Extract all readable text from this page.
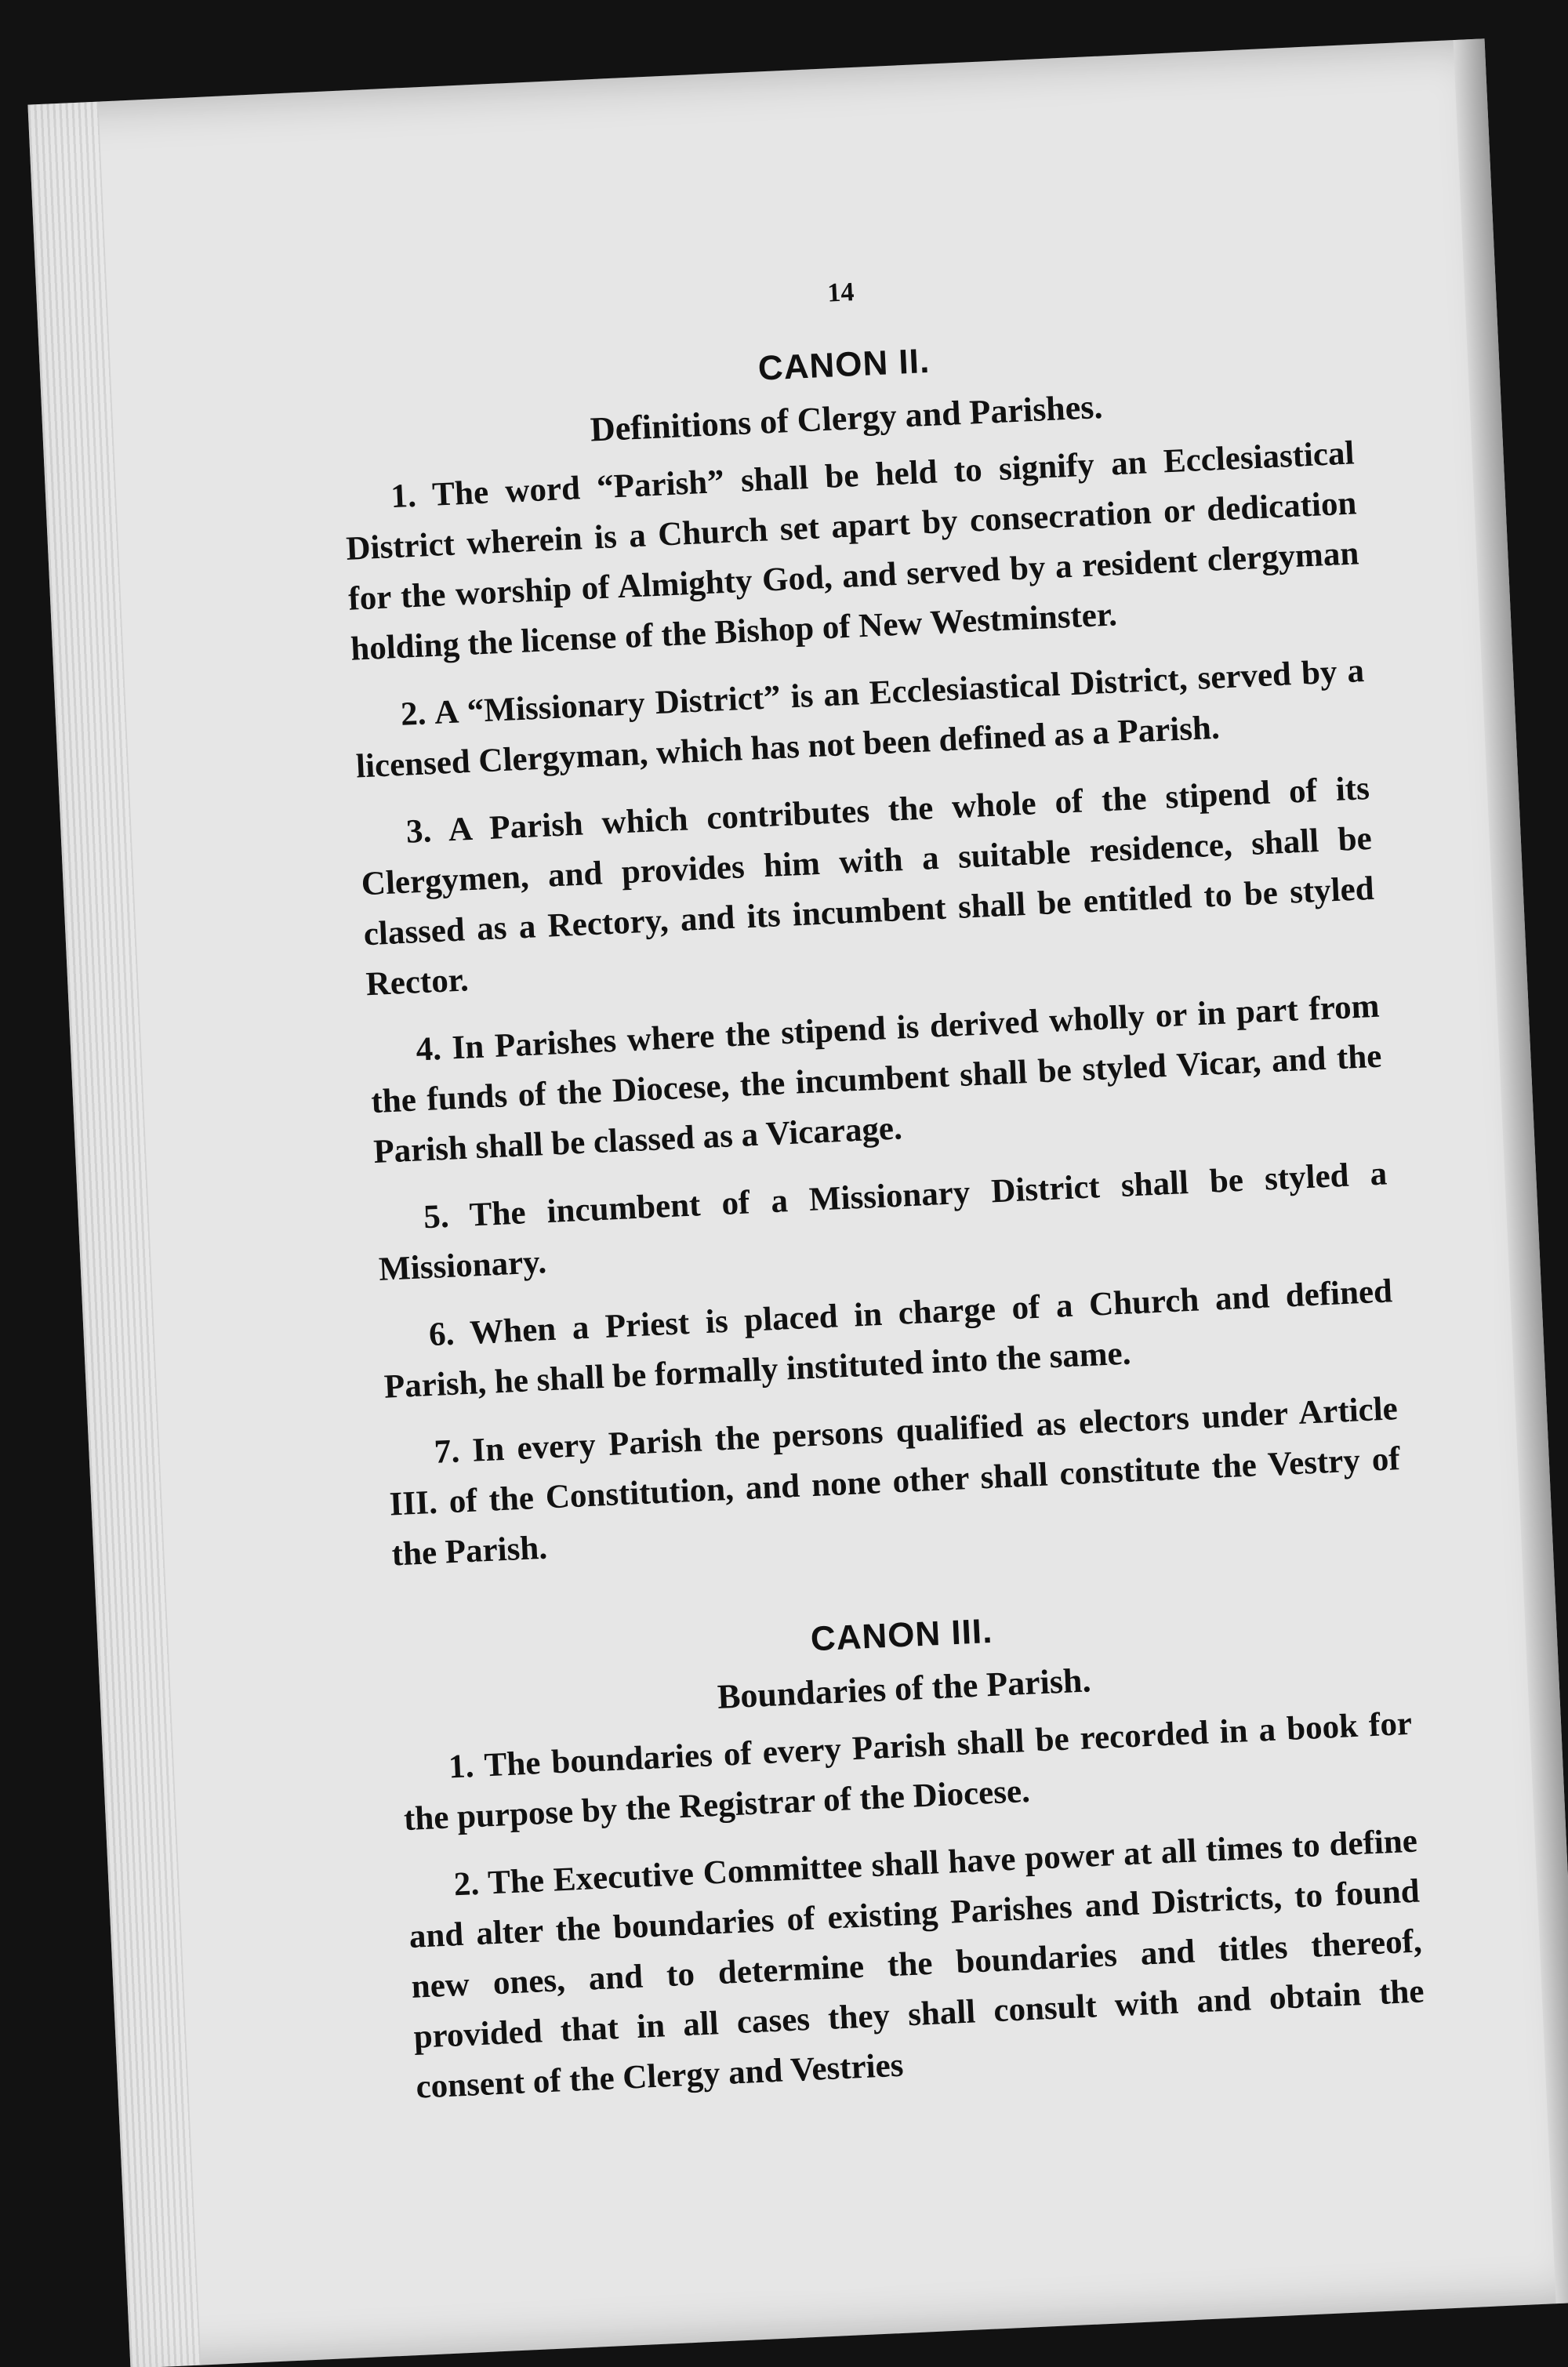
14
CANON II.
Definitions of Clergy and Parishes.

1. The word “Parish” shall be held to signify an Ecclesiastical District wherein is a Church set apart by consecration or dedication for the worship of Almighty God, and served by a resident clergyman holding the license of the Bishop of New Westminster.

2. A “Missionary District” is an Ecclesiastical District, served by a licensed Clergyman, which has not been defined as a Parish.

3. A Parish which contributes the whole of the stipend of its Clergymen, and provides him with a suitable residence, shall be classed as a Rectory, and its incumbent shall be entitled to be styled Rector.

4. In Parishes where the stipend is derived wholly or in part from the funds of the Diocese, the incumbent shall be styled Vicar, and the Parish shall be classed as a Vicarage.

5. The incumbent of a Missionary District shall be styled a Missionary.

6. When a Priest is placed in charge of a Church and defined Parish, he shall be formally instituted into the same.

7. In every Parish the persons qualified as electors under Article III. of the Constitution, and none other shall constitute the Vestry of the Parish.

CANON III.
Boundaries of the Parish.

1. The boundaries of every Parish shall be recorded in a book for the purpose by the Registrar of the Diocese.

2. The Executive Committee shall have power at all times to define and alter the boundaries of existing Parishes and Districts, to found new ones, and to determine the boundaries and titles thereof, provided that in all cases they shall consult with and obtain the consent of the Clergy and Vestries
